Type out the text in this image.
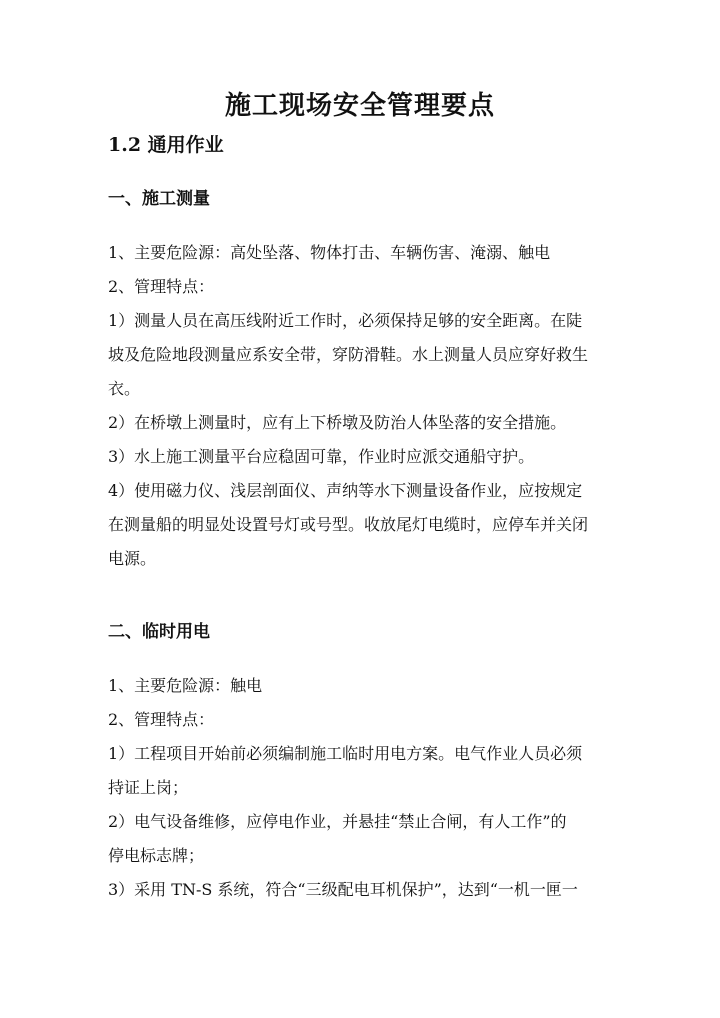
施工现场安全管理要点
1.2 通用作业
一、施工测量
1、主要危险源：高处坠落、物体打击、车辆伤害、淹溺、触电
2、管理特点：
1）测量人员在高压线附近工作时，必须保持足够的安全距离。在陡
坡及危险地段测量应系安全带，穿防滑鞋。水上测量人员应穿好救生
衣。
2）在桥墩上测量时，应有上下桥墩及防治人体坠落的安全措施。
3）水上施工测量平台应稳固可靠，作业时应派交通船守护。
4）使用磁力仪、浅层剖面仪、声纳等水下测量设备作业，应按规定
在测量船的明显处设置号灯或号型。收放尾灯电缆时，应停车并关闭
电源。
二、临时用电
1、主要危险源：触电
2、管理特点：
1）工程项目开始前必须编制施工临时用电方案。电气作业人员必须
持证上岗；
2）电气设备维修，应停电作业，并悬挂“禁止合闸，有人工作”的
停电标志牌；
3）采用 TN-S 系统，符合“三级配电耳机保护”，达到“一机一匣一
